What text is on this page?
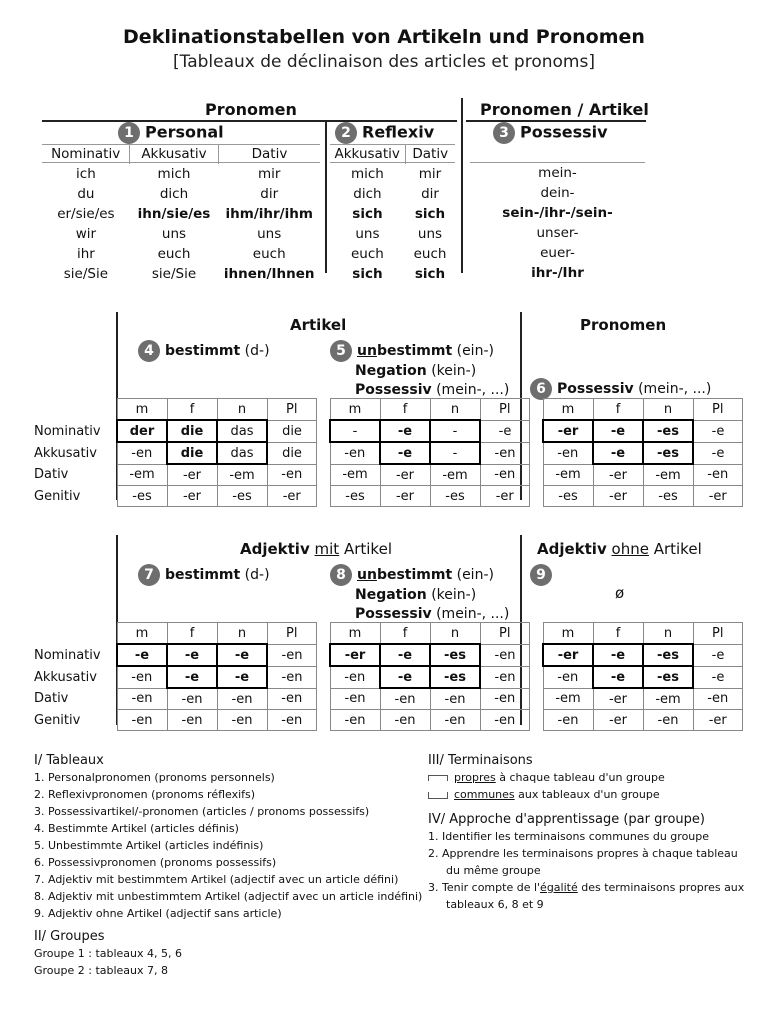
Deklinationstabellen von Artikeln und Pronomen
[Tableaux de déclinaison des articles et pronoms]
Pronomen	Pronomen / Artikel
1 Personal	2 Reflexiv	3 Possessiv
Nominativ	Akkusativ	Dativ		Akkusativ	Dativ
ich	mich	mir		mich	mir
du	dich	dir		dich	dir
er/sie/es	ihn/sie/es	ihm/ihr/ihm		sich	sich
wir	uns	uns		uns	uns
ihr	euch	euch		euch	euch
sie/Sie	sie/Sie	ihnen/Ihnen		sich	sich
mein-
dein-
sein-/ihr-/sein-
unser-
euer-
ihr-/Ihr
Artikel	Pronomen
4 bestimmt (d-)	5 unbestimmt (ein-)
Negation (kein-)
Possessiv (mein-, ...)	6 Possessiv (mein-, ...)
	m	f	n	Pl		m	f	n	Pl		m	f	n	Pl
Nominativ	der	die	das	die		-	-e	-	-e		-er	-e	-es	-e
Akkusativ	-en	die	das	die		-en	-e	-	-en		-en	-e	-es	-e
Dativ	-em	-er	-em	-en		-em	-er	-em	-en		-em	-er	-em	-en
Genitiv	-es	-er	-es	-er		-es	-er	-es	-er		-es	-er	-es	-er
Adjektiv mit Artikel	Adjektiv ohne Artikel
7 bestimmt (d-)	8 unbestimmt (ein-)
Negation (kein-)
Possessiv (mein-, ...)
9
ø
	m	f	n	Pl		m	f	n	Pl		m	f	n	Pl
Nominativ	-e	-e	-e	-en		-er	-e	-es	-en		-er	-e	-es	-e
Akkusativ	-en	-e	-e	-en		-en	-e	-es	-en		-en	-e	-es	-e
Dativ	-en	-en	-en	-en		-en	-en	-en	-en		-em	-er	-em	-en
Genitiv	-en	-en	-en	-en		-en	-en	-en	-en		-en	-er	-en	-er
I/ Tableaux
1. Personalpronomen (pronoms personnels)
2. Reflexivpronomen (pronoms réflexifs)
3. Possessivartikel/-pronomen (articles / pronoms possessifs)
4. Bestimmte Artikel (articles définis)
5. Unbestimmte Artikel (articles indéfinis)
6. Possessivpronomen (pronoms possessifs)
7. Adjektiv mit bestimmtem Artikel (adjectif avec un article défini)
8. Adjektiv mit unbestimmtem Artikel (adjectif avec un article indéfini)
9. Adjektiv ohne Artikel (adjectif sans article)
II/ Groupes
Groupe 1 : tableaux 4, 5, 6
Groupe 2 : tableaux 7, 8
III/ Terminaisons
propres à chaque tableau d'un groupe
communes aux tableaux d'un groupe
IV/ Approche d'apprentissage (par groupe)
1. Identifier les terminaisons communes du groupe
2. Apprendre les terminaisons propres à chaque tableau
du même groupe
3. Tenir compte de l'égalité des terminaisons propres aux
tableaux 6, 8 et 9
